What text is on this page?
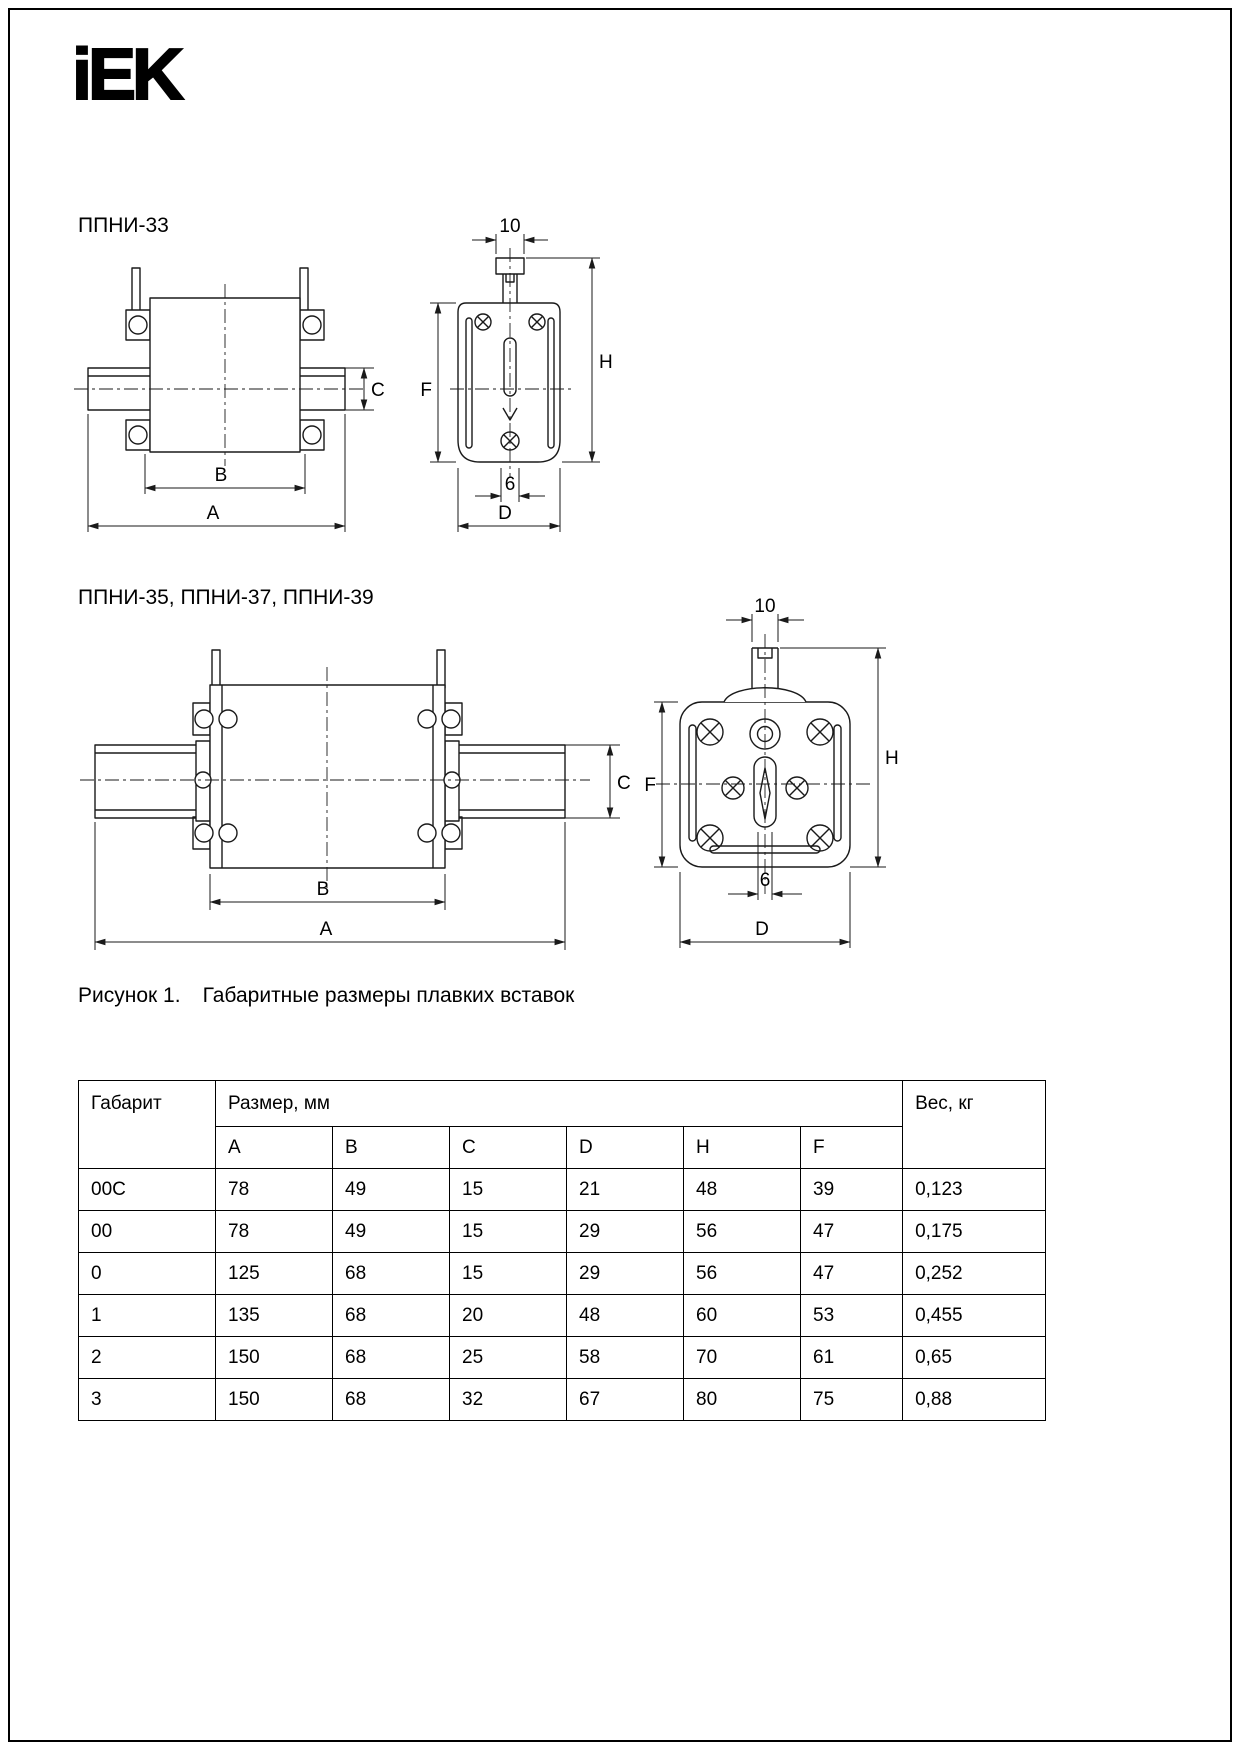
iEK
ППНИ-33
C
B
A
10
F
H
6
D
ППНИ-35, ППНИ-37, ППНИ-39	10
C
B
A
F
H
6
D
Рисунок 1. Габаритные размеры плавких вставок
Габарит	Размер, мм						Вес, кг
	A	B	C	D	H	F	
00C	78	49	15	21	48	39	0,123
00	78	49	15	29	56	47	0,175
0	125	68	15	29	56	47	0,252
1	135	68	20	48	60	53	0,455
2	150	68	25	58	70	61	0,65
3	150	68	32	67	80	75	0,88
